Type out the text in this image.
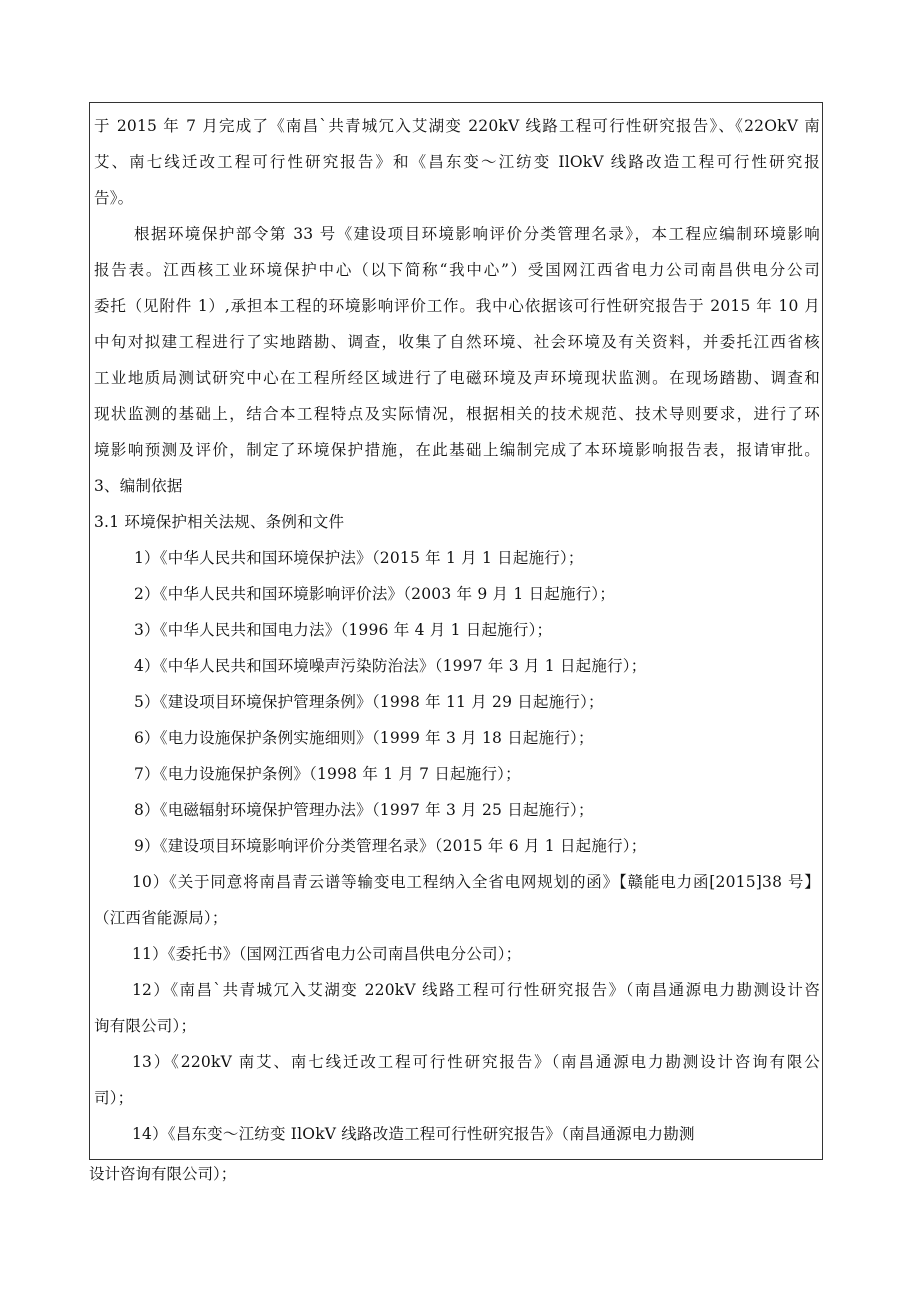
于 2015 年 7 月完成了《南昌`共青城冗入艾湖变 220kV 线路工程可行性研究报告》、《22OkV 南
艾、南七线迁改工程可行性研究报告》和《昌东变～江纺变 IlOkV 线路改造工程可行性研究报
告》。
根据环境保护部令第 33 号《建设项目环境影响评价分类管理名录》，本工程应编制环境影响
报告表。江西核工业环境保护中心（以下简称“我中心”）受国网江西省电力公司南昌供电分公司
委托（见附件 1）,承担本工程的环境影响评价工作。我中心依据该可行性研究报告于 2015 年 10 月
中旬对拟建工程进行了实地踏勘、调查，收集了自然环境、社会环境及有关资料，并委托江西省核
工业地质局测试研究中心在工程所经区域进行了电磁环境及声环境现状监测。在现场踏勘、调查和
现状监测的基础上，结合本工程特点及实际情况，根据相关的技术规范、技术导则要求，进行了环
境影响预测及评价，制定了环境保护措施，在此基础上编制完成了本环境影响报告表，报请审批。
3、编制依据
3.1 环境保护相关法规、条例和文件
1）《中华人民共和国环境保护法》（2015 年 1 月 1 日起施行）；
2）《中华人民共和国环境影响评价法》（2003 年 9 月 1 日起施行）；
3）《中华人民共和国电力法》（1996 年 4 月 1 日起施行）；
4）《中华人民共和国环境噪声污染防治法》（1997 年 3 月 1 日起施行）；
5）《建设项目环境保护管理条例》（1998 年 11 月 29 日起施行）；
6）《电力设施保护条例实施细则》（1999 年 3 月 18 日起施行）；
7）《电力设施保护条例》（1998 年 1 月 7 日起施行）；
8）《电磁辐射环境保护管理办法》（1997 年 3 月 25 日起施行）；
9）《建设项目环境影响评价分类管理名录》（2015 年 6 月 1 日起施行）；
10）《关于同意将南昌青云谱等输变电工程纳入全省电网规划的函》【赣能电力函[2015]38 号】
（江西省能源局）；
11）《委托书》（国网江西省电力公司南昌供电分公司）；
12）《南昌`共青城冗入艾湖变 220kV 线路工程可行性研究报告》（南昌通源电力勘测设计咨
询有限公司）；
13）《220kV 南艾、南七线迁改工程可行性研究报告》（南昌通源电力勘测设计咨询有限公
司）；
14）《昌东变～江纺变 IlOkV 线路改造工程可行性研究报告》（南昌通源电力勘测
设计咨询有限公司）；
